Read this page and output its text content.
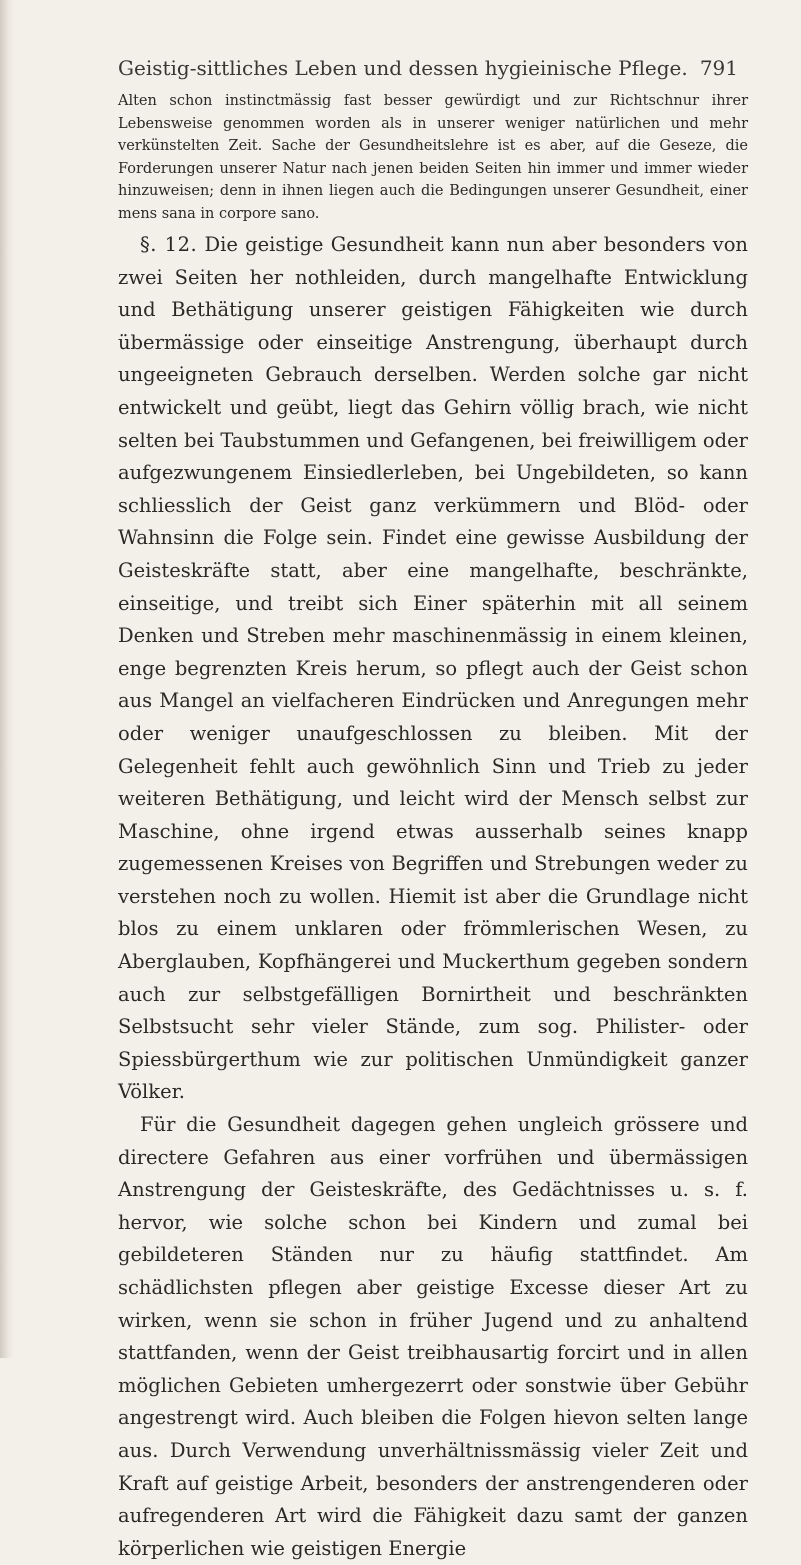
Geistig-sittliches Leben und dessen hygieinische Pflege. 791

Alten schon instinctmässig fast besser gewürdigt und zur Richtschnur ihrer Lebensweise genommen worden als in unserer weniger natürlichen und mehr verkünstelten Zeit. Sache der Gesundheitslehre ist es aber, auf die Geseze, die Forderungen unserer Natur nach jenen beiden Seiten hin immer und immer wieder hinzuweisen; denn in ihnen liegen auch die Bedingungen unserer Gesundheit, einer mens sana in corpore sano.

§. 12. Die geistige Gesundheit kann nun aber besonders von zwei Seiten her nothleiden, durch mangelhafte Entwicklung und Bethätigung unserer geistigen Fähigkeiten wie durch übermässige oder einseitige Anstrengung, überhaupt durch ungeeigneten Gebrauch derselben. Werden solche gar nicht entwickelt und geübt, liegt das Gehirn völlig brach, wie nicht selten bei Taubstummen und Gefangenen, bei freiwilligem oder aufgezwungenem Einsiedlerleben, bei Ungebildeten, so kann schliesslich der Geist ganz verkümmern und Blöd- oder Wahnsinn die Folge sein. Findet eine gewisse Ausbildung der Geisteskräfte statt, aber eine mangelhafte, beschränkte, einseitige, und treibt sich Einer späterhin mit all seinem Denken und Streben mehr maschinenmässig in einem kleinen, enge begrenzten Kreis herum, so pflegt auch der Geist schon aus Mangel an vielfacheren Eindrücken und Anregungen mehr oder weniger unaufgeschlossen zu bleiben. Mit der Gelegenheit fehlt auch gewöhnlich Sinn und Trieb zu jeder weiteren Bethätigung, und leicht wird der Mensch selbst zur Maschine, ohne irgend etwas ausserhalb seines knapp zugemessenen Kreises von Begriffen und Strebungen weder zu verstehen noch zu wollen. Hiemit ist aber die Grundlage nicht blos zu einem unklaren oder frömmlerischen Wesen, zu Aberglauben, Kopfhängerei und Muckerthum gegeben sondern auch zur selbstgefälligen Bornirtheit und beschränkten Selbstsucht sehr vieler Stände, zum sog. Philister- oder Spiessbürgerthum wie zur politischen Unmündigkeit ganzer Völker.

Für die Gesundheit dagegen gehen ungleich grössere und directere Gefahren aus einer vorfrühen und übermässigen Anstrengung der Geisteskräfte, des Gedächtnisses u. s. f. hervor, wie solche schon bei Kindern und zumal bei gebildeteren Ständen nur zu häufig stattfindet. Am schädlichsten pflegen aber geistige Excesse dieser Art zu wirken, wenn sie schon in früher Jugend und zu anhaltend stattfanden, wenn der Geist treibhausartig forcirt und in allen möglichen Gebieten umhergezerrt oder sonstwie über Gebühr angestrengt wird. Auch bleiben die Folgen hievon selten lange aus. Durch Verwendung unverhältnissmässig vieler Zeit und Kraft auf geistige Arbeit, besonders der anstrengenderen oder aufregenderen Art wird die Fähigkeit dazu samt der ganzen körperlichen wie geistigen Energie
